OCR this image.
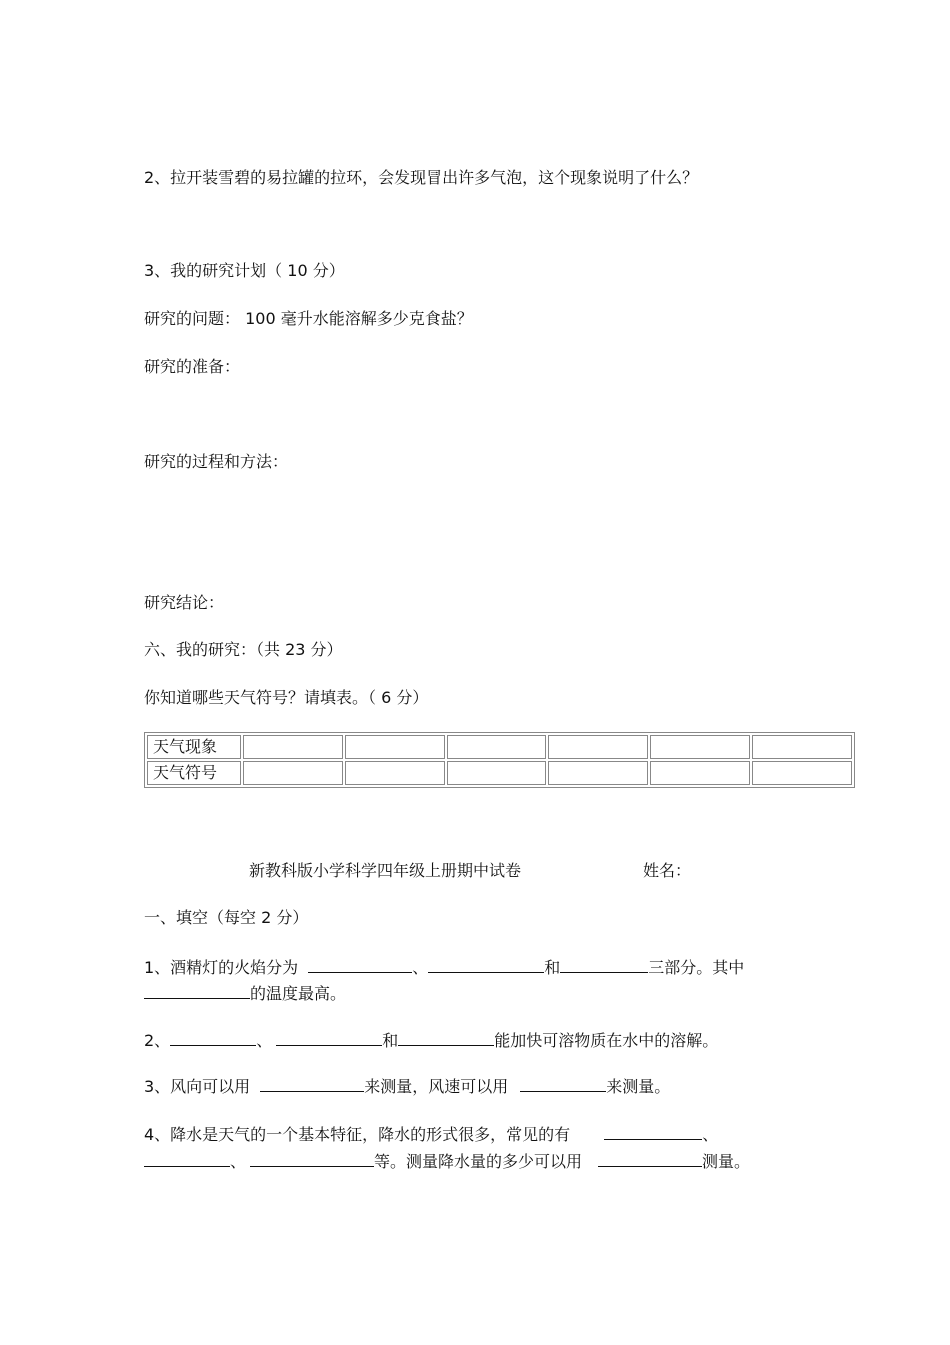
2、拉开装雪碧的易拉罐的拉环，会发现冒出许多气泡，这个现象说明了什么？
3、我的研究计划（ 10 分）
研究的问题： 100 毫升水能溶解多少克食盐？
研究的准备：
研究的过程和方法：
研究结论：
六、我的研究：（共 23 分）
你知道哪些天气符号？请填表。（ 6 分）
天气现象						
天气符号						
新教科版小学科学四年级上册期中试卷	姓名：
一、填空（每空 2 分）
1、酒精灯的火焰分为	、	和	三部分。其中
的温度最高。
2、	、	和	能加快可溶物质在水中的溶解。
3、风向可以用	来测量，风速可以用	来测量。
4、降水是天气的一个基本特征，降水的形式很多，常见的有	、
、	等。测量降水量的多少可以用	测量。
